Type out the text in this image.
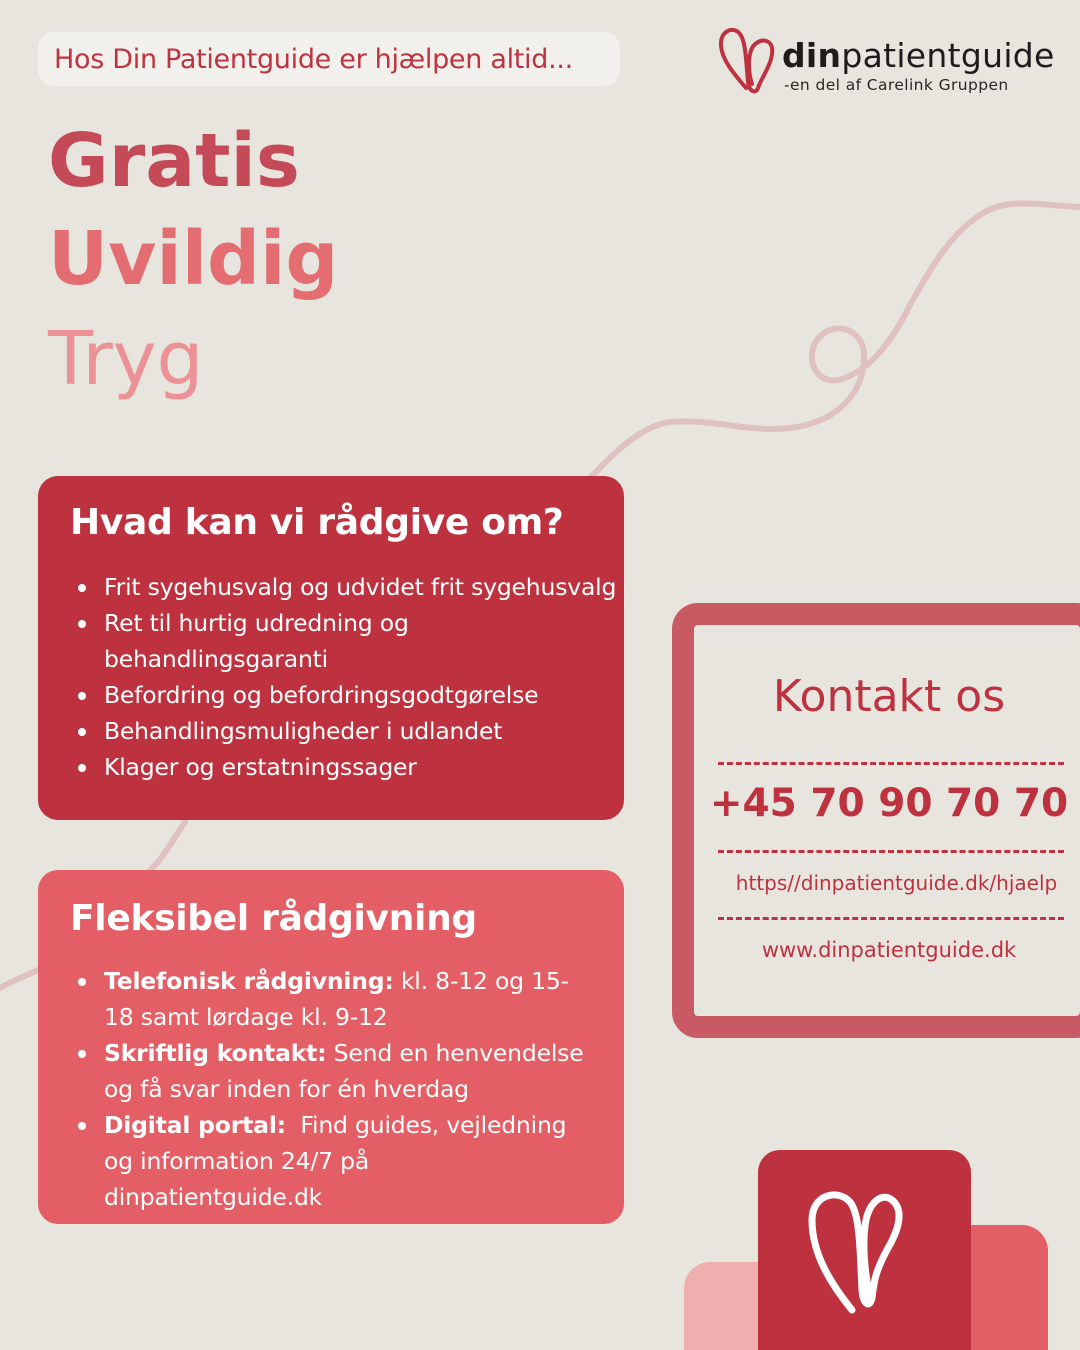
Hos Din Patientguide er hjælpen altid...	dinpatientguide
-en del af Carelink Gruppen
Gratis
Uvildig
Tryg
Hvad kan vi rådgive om?
Frit sygehusvalg og udvidet frit sygehusvalg
Ret til hurtig udredning og behandlingsgaranti
Befordring og befordringsgodtgørelse
Behandlingsmuligheder i udlandet
Klager og erstatningssager
Fleksibel rådgivning
Telefonisk rådgivning: kl. 8-12 og 15-18 samt lørdage kl. 9-12
Skriftlig kontakt: Send en henvendelse og få svar inden for én hverdag
Digital portal:  Find guides, vejledning og information 24/7 på dinpatientguide.dk
Kontakt os
+45 70 90 70 70
https//dinpatientguide.dk/hjaelp
www.dinpatientguide.dk
